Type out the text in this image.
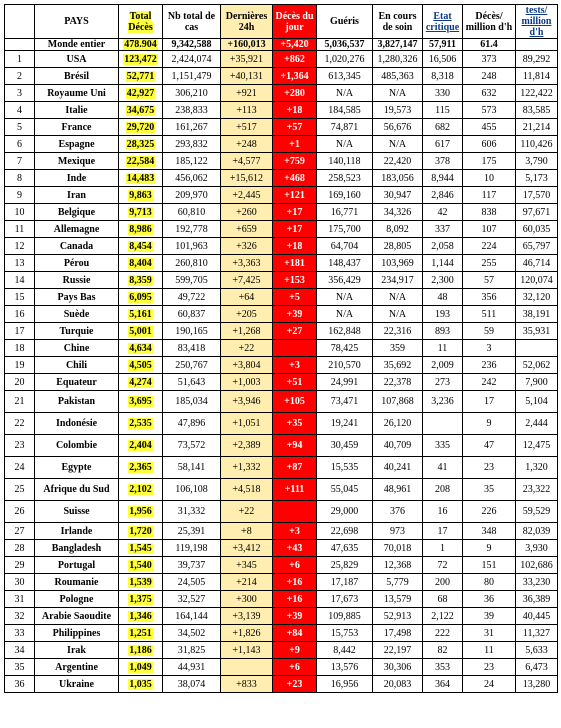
	PAYS	Total Décès	Nb total de cas	Dernières 24h	Décès du jour	Guéris	En cours de soin	Etat critique	Décès/ million d'h	tests/ million d'h
	Monde entier	478.904	9,342,588	+160,013	+5,420	5,036,537	3,827,147	57,911	61.4	
1	USA	123,472	2,424,074	+35,921	+862	1,020,276	1,280,326	16,506	373	89,292
2	Brésil	52,771	1,151,479	+40,131	+1,364	613,345	485,363	8,318	248	11,814
3	Royaume Uni	42,927	306,210	+921	+280	N/A	N/A	330	632	122,422
4	Italie	34,675	238,833	+113	+18	184,585	19,573	115	573	83,585
5	France	29,720	161,267	+517	+57	74,871	56,676	682	455	21,214
6	Espagne	28,325	293,832	+248	+1	N/A	N/A	617	606	110,426
7	Mexique	22,584	185,122	+4,577	+759	140,118	22,420	378	175	3,790
8	Inde	14,483	456,062	+15,612	+468	258,523	183,056	8,944	10	5,173
9	Iran	9,863	209,970	+2,445	+121	169,160	30,947	2,846	117	17,570
10	Belgique	9,713	60,810	+260	+17	16,771	34,326	42	838	97,671
11	Allemagne	8,986	192,778	+659	+17	175,700	8,092	337	107	60,035
12	Canada	8,454	101,963	+326	+18	64,704	28,805	2,058	224	65,797
13	Pérou	8,404	260,810	+3,363	+181	148,437	103,969	1,144	255	46,714
14	Russie	8,359	599,705	+7,425	+153	356,429	234,917	2,300	57	120,074
15	Pays Bas	6,095	49,722	+64	+5	N/A	N/A	48	356	32,120
16	Suède	5,161	60,837	+205	+39	N/A	N/A	193	511	38,191
17	Turquie	5,001	190,165	+1,268	+27	162,848	22,316	893	59	35,931
18	Chine	4,634	83,418	+22		78,425	359	11	3	
19	Chili	4,505	250,767	+3,804	+3	210,570	35,692	2,009	236	52,062
20	Equateur	4,274	51,643	+1,003	+51	24,991	22,378	273	242	7,900
21	Pakistan	3,695	185,034	+3,946	+105	73,471	107,868	3,236	17	5,104
22	Indonésie	2,535	47,896	+1,051	+35	19,241	26,120		9	2,444
23	Colombie	2,404	73,572	+2,389	+94	30,459	40,709	335	47	12,475
24	Egypte	2,365	58,141	+1,332	+87	15,535	40,241	41	23	1,320
25	Afrique du Sud	2,102	106,108	+4,518	+111	55,045	48,961	208	35	23,322
26	Suisse	1,956	31,332	+22		29,000	376	16	226	59,529
27	Irlande	1,720	25,391	+8	+3	22,698	973	17	348	82,039
28	Bangladesh	1,545	119,198	+3,412	+43	47,635	70,018	1	9	3,930
29	Portugal	1,540	39,737	+345	+6	25,829	12,368	72	151	102,686
30	Roumanie	1,539	24,505	+214	+16	17,187	5,779	200	80	33,230
31	Pologne	1,375	32,527	+300	+16	17,673	13,579	68	36	36,389
32	Arabie Saoudite	1,346	164,144	+3,139	+39	109,885	52,913	2,122	39	40,445
33	Philippines	1,251	34,502	+1,826	+84	15,753	17,498	222	31	11,327
34	Irak	1,186	31,825	+1,143	+9	8,442	22,197	82	11	5,633
35	Argentine	1,049	44,931		+6	13,576	30,306	353	23	6,473
36	Ukraine	1,035	38,074	+833	+23	16,956	20,083	364	24	13,280
